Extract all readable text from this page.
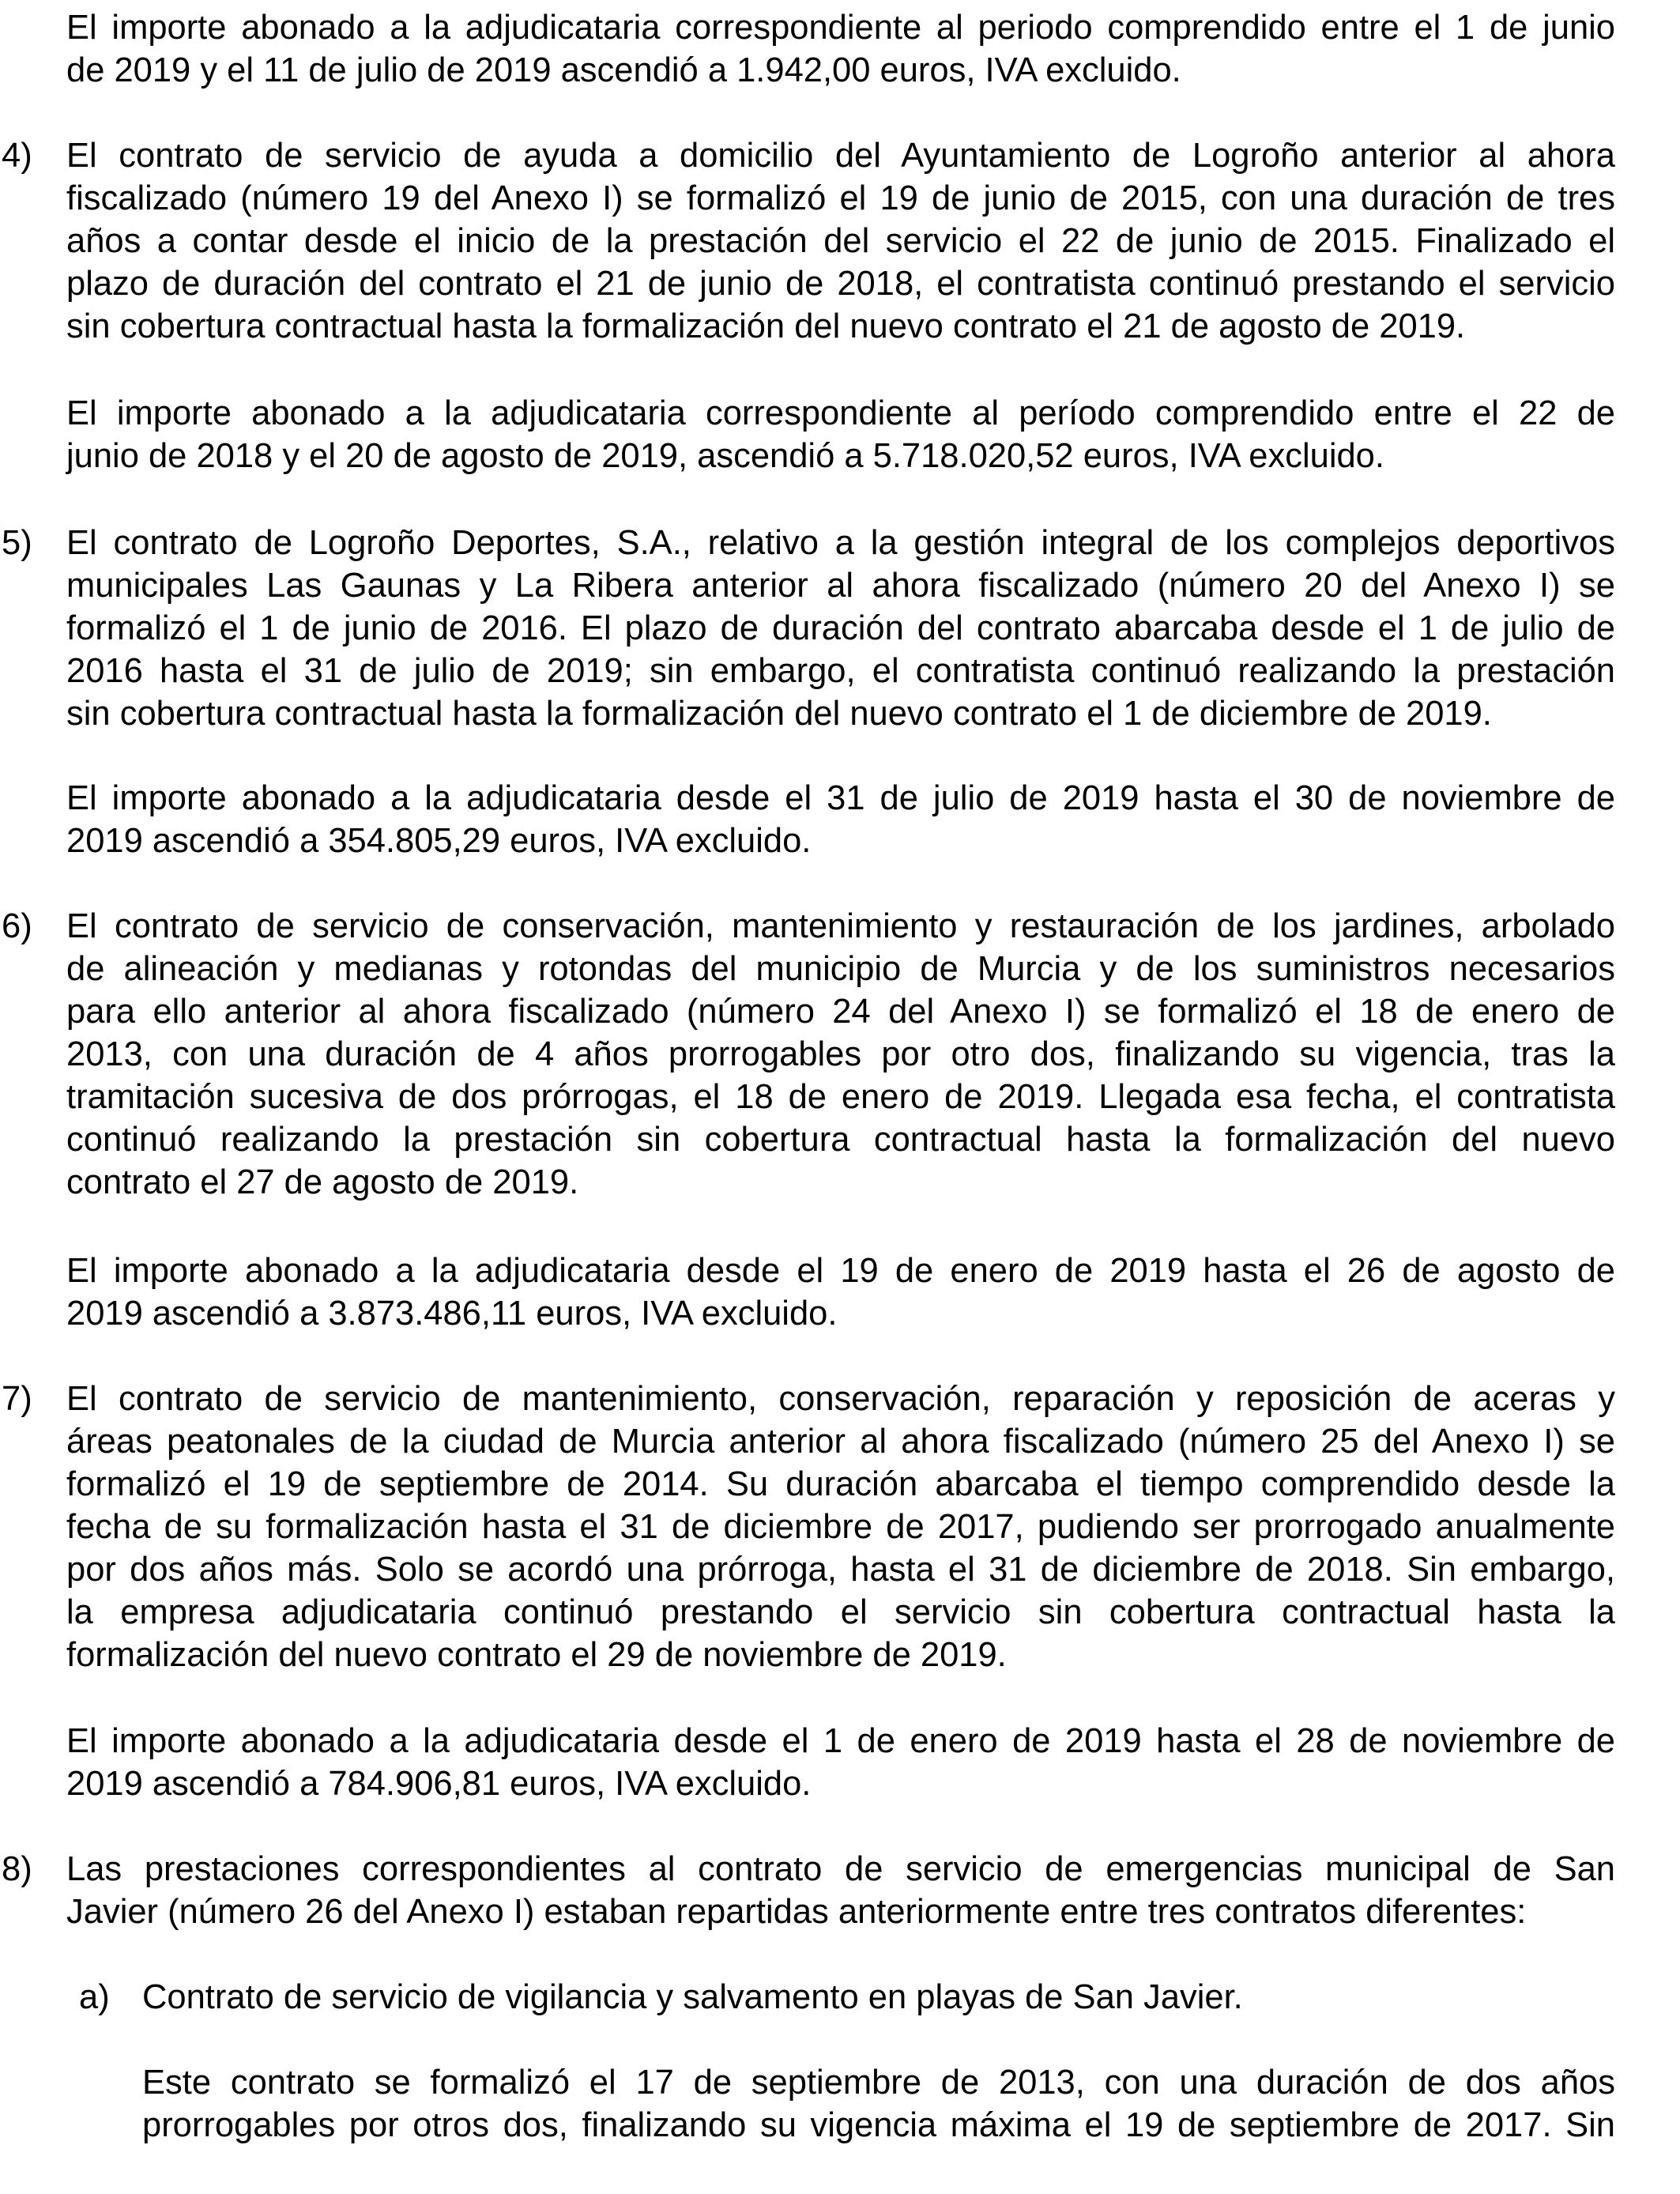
El importe abonado a la adjudicataria correspondiente al periodo comprendido entre el 1 de junio

de 2019 y el 11 de julio de 2019 ascendió a 1.942,00 euros, IVA excluido.

4) El contrato de servicio de ayuda a domicilio del Ayuntamiento de Logroño anterior al ahora

fiscalizado (número 19 del Anexo I) se formalizó el 19 de junio de 2015, con una duración de tres

años a contar desde el inicio de la prestación del servicio el 22 de junio de 2015. Finalizado el

plazo de duración del contrato el 21 de junio de 2018, el contratista continuó prestando el servicio

sin cobertura contractual hasta la formalización del nuevo contrato el 21 de agosto de 2019.

El importe abonado a la adjudicataria correspondiente al período comprendido entre el 22 de

junio de 2018 y el 20 de agosto de 2019, ascendió a 5.718.020,52 euros, IVA excluido.

5) El contrato de Logroño Deportes, S.A., relativo a la gestión integral de los complejos deportivos

municipales Las Gaunas y La Ribera anterior al ahora fiscalizado (número 20 del Anexo I) se

formalizó el 1 de junio de 2016. El plazo de duración del contrato abarcaba desde el 1 de julio de

2016 hasta el 31 de julio de 2019; sin embargo, el contratista continuó realizando la prestación

sin cobertura contractual hasta la formalización del nuevo contrato el 1 de diciembre de 2019.

El importe abonado a la adjudicataria desde el 31 de julio de 2019 hasta el 30 de noviembre de

2019 ascendió a 354.805,29 euros, IVA excluido.

6) El contrato de servicio de conservación, mantenimiento y restauración de los jardines, arbolado

de alineación y medianas y rotondas del municipio de Murcia y de los suministros necesarios

para ello anterior al ahora fiscalizado (número 24 del Anexo I) se formalizó el 18 de enero de

2013, con una duración de 4 años prorrogables por otro dos, finalizando su vigencia, tras la

tramitación sucesiva de dos prórrogas, el 18 de enero de 2019. Llegada esa fecha, el contratista

continuó realizando la prestación sin cobertura contractual hasta la formalización del nuevo

contrato el 27 de agosto de 2019.

El importe abonado a la adjudicataria desde el 19 de enero de 2019 hasta el 26 de agosto de

2019 ascendió a 3.873.486,11 euros, IVA excluido.

7) El contrato de servicio de mantenimiento, conservación, reparación y reposición de aceras y

áreas peatonales de la ciudad de Murcia anterior al ahora fiscalizado (número 25 del Anexo I) se

formalizó el 19 de septiembre de 2014. Su duración abarcaba el tiempo comprendido desde la

fecha de su formalización hasta el 31 de diciembre de 2017, pudiendo ser prorrogado anualmente

por dos años más. Solo se acordó una prórroga, hasta el 31 de diciembre de 2018. Sin embargo,

la empresa adjudicataria continuó prestando el servicio sin cobertura contractual hasta la

formalización del nuevo contrato el 29 de noviembre de 2019.

El importe abonado a la adjudicataria desde el 1 de enero de 2019 hasta el 28 de noviembre de

2019 ascendió a 784.906,81 euros, IVA excluido.

8) Las prestaciones correspondientes al contrato de servicio de emergencias municipal de San

Javier (número 26 del Anexo I) estaban repartidas anteriormente entre tres contratos diferentes:

a) Contrato de servicio de vigilancia y salvamento en playas de San Javier.

Este contrato se formalizó el 17 de septiembre de 2013, con una duración de dos años

prorrogables por otros dos, finalizando su vigencia máxima el 19 de septiembre de 2017. Sin
